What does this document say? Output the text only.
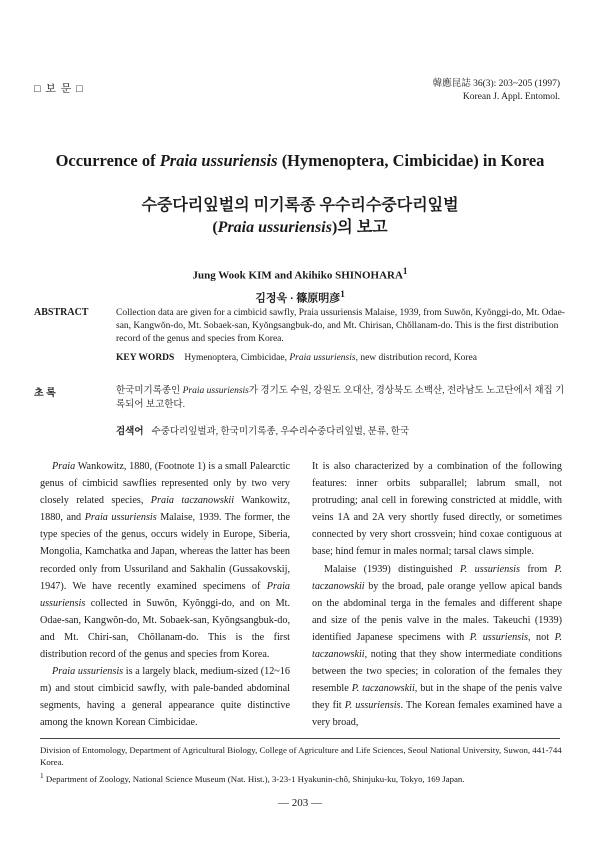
□ 보 문 □	韓應昆誌 36(3): 203~205 (1997)
Korean J. Appl. Entomol.
Occurrence of Praia ussuriensis (Hymenoptera, Cimbicidae) in Korea
수중다리잎벌의 미기록종 우수리수중다리잎벌
(Praia ussuriensis)의 보고
Jung Wook KIM and Akihiko SHINOHARA$^1$
김정욱 · 篠原明彦$^1$
ABSTRACT	Collection data are given for a cimbicid sawfly, Praia ussuriensis Malaise, 1939, from Suwŏn, Kyŏnggi-do, Mt. Odae-san, Kangwŏn-do, Mt. Sobaek-san, Kyŏngsangbuk-do, and Mt. Chirisan, Chŏllanam-do. This is the first distribution record of the genus and species from Korea.
KEY WORDS Hymenoptera, Cimbicidae, Praia ussuriensis, new distribution record, Korea
초 록	한국미기록종인 Praia ussuriensis가 경기도 수원, 강원도 오대산, 경상북도 소백산, 전라남도 노고단에서 채집 기록되어 보고한다.
검색어 수중다리잎벌과, 한국미기록종, 우수리수중다리잎벌, 분류, 한국

Praia Wankowitz, 1880, (Footnote 1) is a small Palearctic genus of cimbicid sawflies represented only by two very closely related species, Praia taczanowskii Wankowitz, 1880, and Praia ussuriensis Malaise, 1939. The former, the type species of the genus, occurs widely in Europe, Siberia, Mongolia, Kamchatka and Japan, whereas the latter has been recorded only from Ussuriland and Sakhalin (Gussakovskij, 1947). We have recently examined specimens of Praia ussuriensis collected in Suwŏn, Kyŏnggi-do, and on Mt. Odae-san, Kangwŏn-do, Mt. Sobaek-san, Kyŏngsangbuk-do, and Mt. Chiri-san, Chŏllanam-do. This is the first distribution record of the genus and species from Korea.

Praia ussuriensis is a largely black, medium-sized (12~16 m) and stout cimbicid sawfly, with pale-banded abdominal segments, having a general appearance quite distinctive among the known Korean Cimbicidae.

It is also characterized by a combination of the following features: inner orbits subparallel; labrum small, not protruding; anal cell in forewing constricted at middle, with veins 1A and 2A very shortly fused directly, or sometimes connected by very short crossvein; hind coxae contiguous at base; hind femur in males normal; tarsal claws simple.

Malaise (1939) distinguished P. ussuriensis from P. taczanowskii by the broad, pale orange yellow apical bands on the abdominal terga in the females and different shape and size of the penis valve in the males. Takeuchi (1939) identified Japanese specimens with P. ussuriensis, not P. taczanowskii, noting that they show intermediate conditions between the two species; in coloration of the females they resemble P. taczanowskii, but in the shape of the penis valve they fit P. ussuriensis. The Korean females examined have a very broad,

Division of Entomology, Department of Agricultural Biology, College of Agriculture and Life Sciences, Seoul National University, Suwon, 441-744 Korea.
$^1$ Department of Zoology, National Science Museum (Nat. Hist.), 3-23-1 Hyakunin-chô, Shinjuku-ku, Tokyo, 169 Japan.
— 203 —
